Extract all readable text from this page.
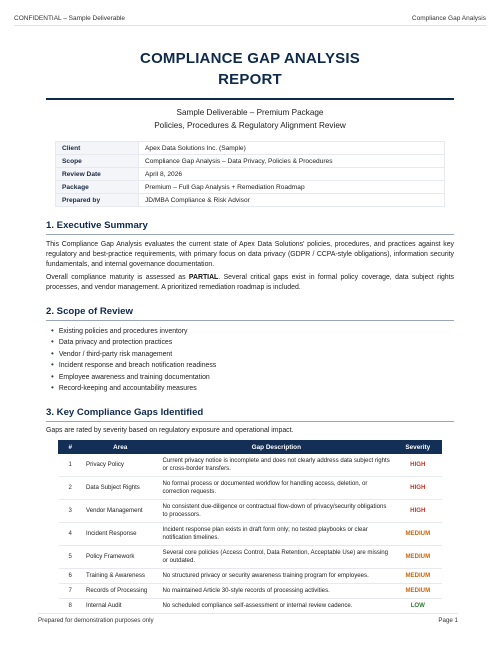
CONFIDENTIAL – Sample Deliverable	Compliance Gap Analysis
COMPLIANCE GAP ANALYSIS
REPORT

Sample Deliverable – Premium Package

Policies, Procedures & Regulatory Alignment Review

Client	Apex Data Solutions Inc. (Sample)
Scope	Compliance Gap Analysis – Data Privacy, Policies & Procedures
Review Date	April 8, 2026
Package	Premium – Full Gap Analysis + Remediation Roadmap
Prepared by	JD/MBA Compliance & Risk Advisor
1. Executive Summary

This Compliance Gap Analysis evaluates the current state of Apex Data Solutions' policies, procedures, and practices against key regulatory and best-practice requirements, with primary focus on data privacy (GDPR / CCPA-style obligations), information security fundamentals, and internal governance documentation.

Overall compliance maturity is assessed as PARTIAL. Several critical gaps exist in formal policy coverage, data subject rights processes, and vendor management. A prioritized remediation roadmap is included.

2. Scope of Review
• Existing policies and procedures inventory
• Data privacy and protection practices
• Vendor / third-party risk management
• Incident response and breach notification readiness
• Employee awareness and training documentation
• Record-keeping and accountability measures
3. Key Compliance Gaps Identified

Gaps are rated by severity based on regulatory exposure and operational impact.

#	Area	Gap Description	Severity
1	Privacy Policy	Current privacy notice is incomplete and does not clearly address data subject rights or cross-border transfers.	HIGH
2	Data Subject Rights	No formal process or documented workflow for handling access, deletion, or correction requests.	HIGH
3	Vendor Management	No consistent due-diligence or contractual flow-down of privacy/security obligations to processors.	HIGH
4	Incident Response	Incident response plan exists in draft form only; no tested playbooks or clear notification timelines.	MEDIUM
5	Policy Framework	Several core policies (Access Control, Data Retention, Acceptable Use) are missing or outdated.	MEDIUM
6	Training & Awareness	No structured privacy or security awareness training program for employees.	MEDIUM
7	Records of Processing	No maintained Article 30-style records of processing activities.	MEDIUM
8	Internal Audit	No scheduled compliance self-assessment or internal review cadence.	LOW
Prepared for demonstration purposes only	Page 1
